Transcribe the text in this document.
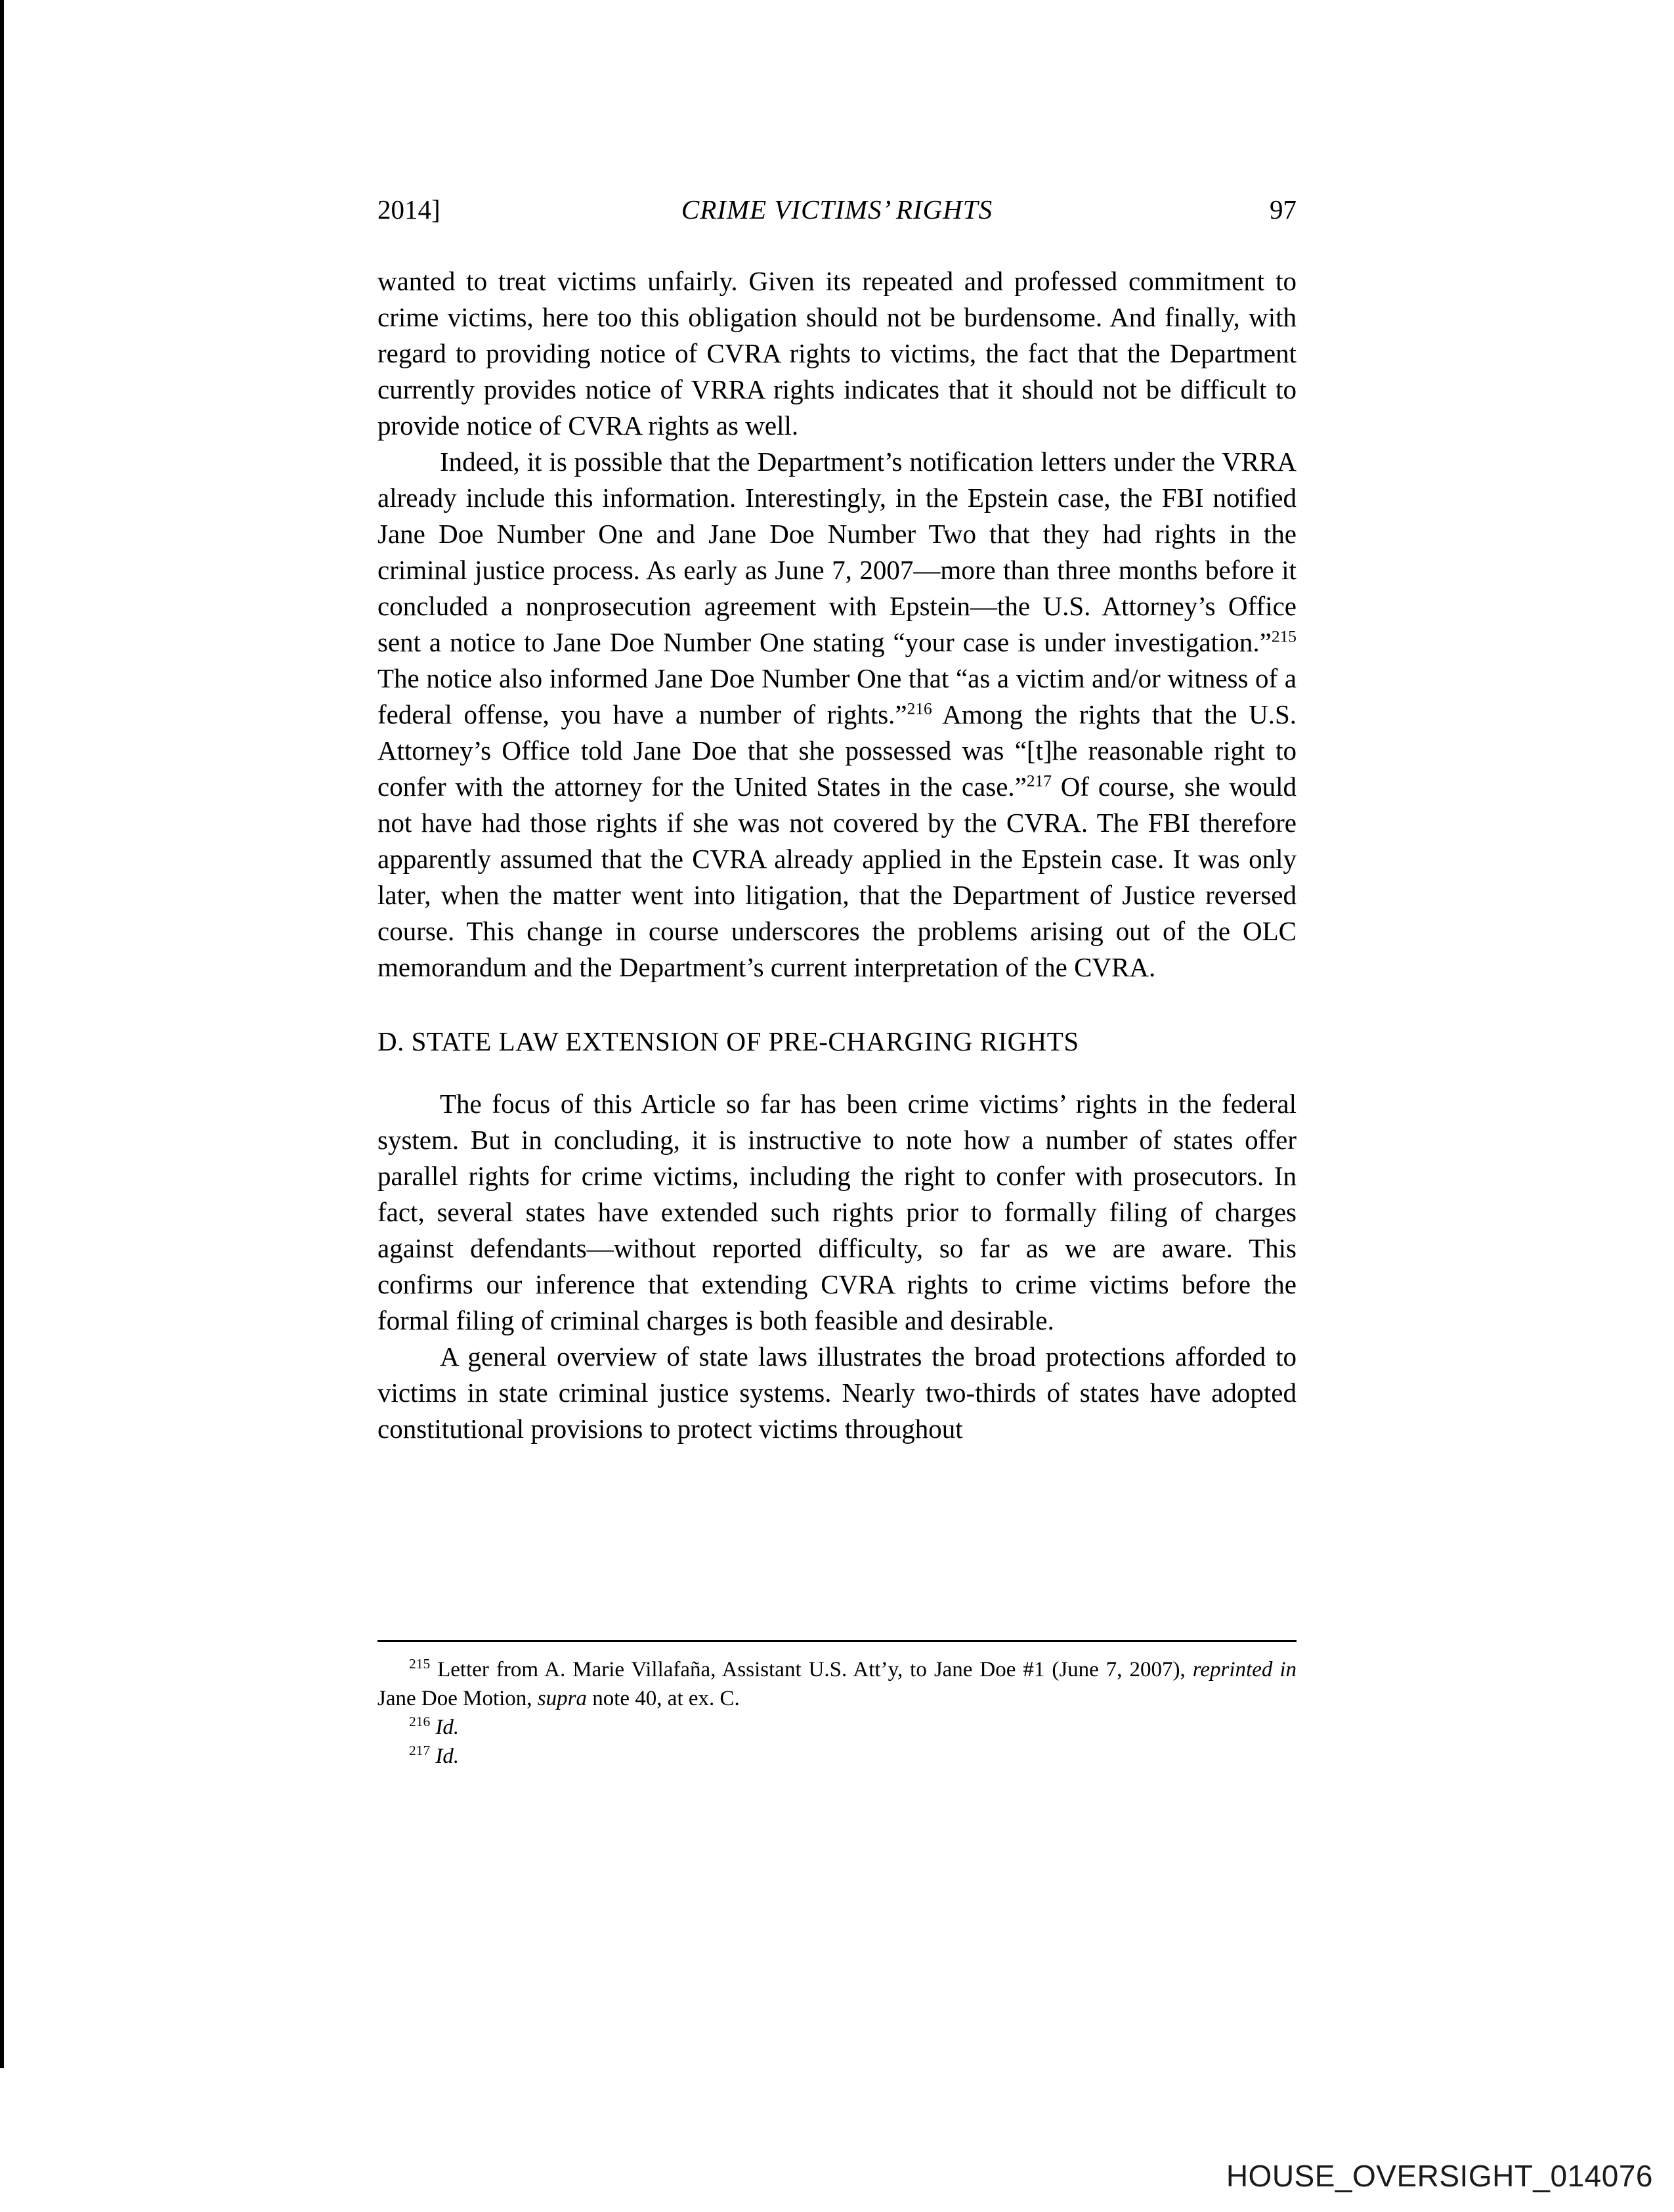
2014]	CRIME VICTIMS’ RIGHTS	97

wanted to treat victims unfairly. Given its repeated and professed commitment to crime victims, here too this obligation should not be burdensome. And finally, with regard to providing notice of CVRA rights to victims, the fact that the Department currently provides notice of VRRA rights indicates that it should not be difficult to provide notice of CVRA rights as well.

Indeed, it is possible that the Department’s notification letters under the VRRA already include this information. Interestingly, in the Epstein case, the FBI notified Jane Doe Number One and Jane Doe Number Two that they had rights in the criminal justice process. As early as June 7, 2007—more than three months before it concluded a nonprosecution agreement with Epstein—the U.S. Attorney’s Office sent a notice to Jane Doe Number One stating “your case is under investigation.”$^{215}$ The notice also informed Jane Doe Number One that “as a victim and/or witness of a federal offense, you have a number of rights.”$^{216}$ Among the rights that the U.S. Attorney’s Office told Jane Doe that she possessed was “[t]he reasonable right to confer with the attorney for the United States in the case.”$^{217}$ Of course, she would not have had those rights if she was not covered by the CVRA. The FBI therefore apparently assumed that the CVRA already applied in the Epstein case. It was only later, when the matter went into litigation, that the Department of Justice reversed course. This change in course underscores the problems arising out of the OLC memorandum and the Department’s current interpretation of the CVRA.

D. STATE LAW EXTENSION OF PRE-CHARGING RIGHTS

The focus of this Article so far has been crime victims’ rights in the federal system. But in concluding, it is instructive to note how a number of states offer parallel rights for crime victims, including the right to confer with prosecutors. In fact, several states have extended such rights prior to formally filing of charges against defendants—without reported difficulty, so far as we are aware. This confirms our inference that extending CVRA rights to crime victims before the formal filing of criminal charges is both feasible and desirable.

A general overview of state laws illustrates the broad protections afforded to victims in state criminal justice systems. Nearly two-thirds of states have adopted constitutional provisions to protect victims throughout

$^{215}$ Letter from A. Marie Villafaña, Assistant U.S. Att’y, to Jane Doe #1 (June 7, 2007), reprinted in Jane Doe Motion, supra note 40, at ex. C.

$^{216}$ Id.

$^{217}$ Id.

HOUSE_OVERSIGHT_014076
